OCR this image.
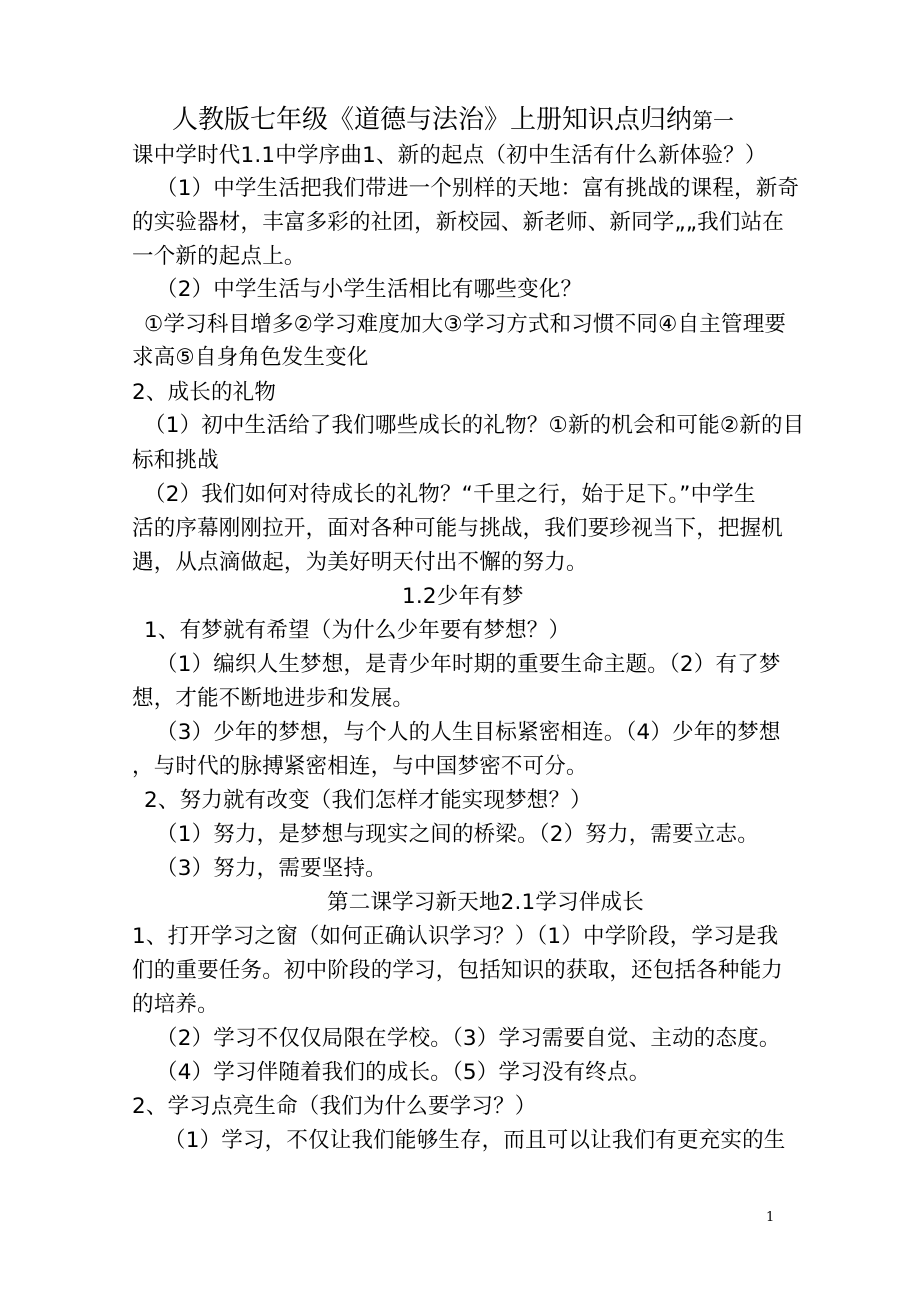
人教版七年级《道德与法治》上册知识点归纳第一
课中学时代1.1中学序曲1、新的起点（初中生活有什么新体验？）
（1）中学生活把我们带进一个别样的天地：富有挑战的课程，新奇
的实验器材，丰富多彩的社团，新校园、新老师、新同学„„我们站在
一个新的起点上。
（2）中学生活与小学生活相比有哪些变化？
①学习科目增多②学习难度加大③学习方式和习惯不同④自主管理要
求高⑤自身角色发生变化
2、成长的礼物
（1）初中生活给了我们哪些成长的礼物？①新的机会和可能②新的目
标和挑战
（2）我们如何对待成长的礼物？“千里之行，始于足下。”中学生
活的序幕刚刚拉开，面对各种可能与挑战，我们要珍视当下，把握机
遇，从点滴做起，为美好明天付出不懈的努力。
1.2少年有梦
1、有梦就有希望（为什么少年要有梦想？）
（1）编织人生梦想，是青少年时期的重要生命主题。（2）有了梦
想，才能不断地进步和发展。
（3）少年的梦想，与个人的人生目标紧密相连。（4）少年的梦想
，与时代的脉搏紧密相连，与中国梦密不可分。
2、努力就有改变（我们怎样才能实现梦想？）
（1）努力，是梦想与现实之间的桥梁。（2）努力，需要立志。
（3）努力，需要坚持。
第二课学习新天地2.1学习伴成长
1、打开学习之窗（如何正确认识学习？）（1）中学阶段，学习是我
们的重要任务。初中阶段的学习，包括知识的获取，还包括各种能力
的培养。
（2）学习不仅仅局限在学校。（3）学习需要自觉、主动的态度。
（4）学习伴随着我们的成长。（5）学习没有终点。
2、学习点亮生命（我们为什么要学习？）
（1）学习，不仅让我们能够生存，而且可以让我们有更充实的生
1
